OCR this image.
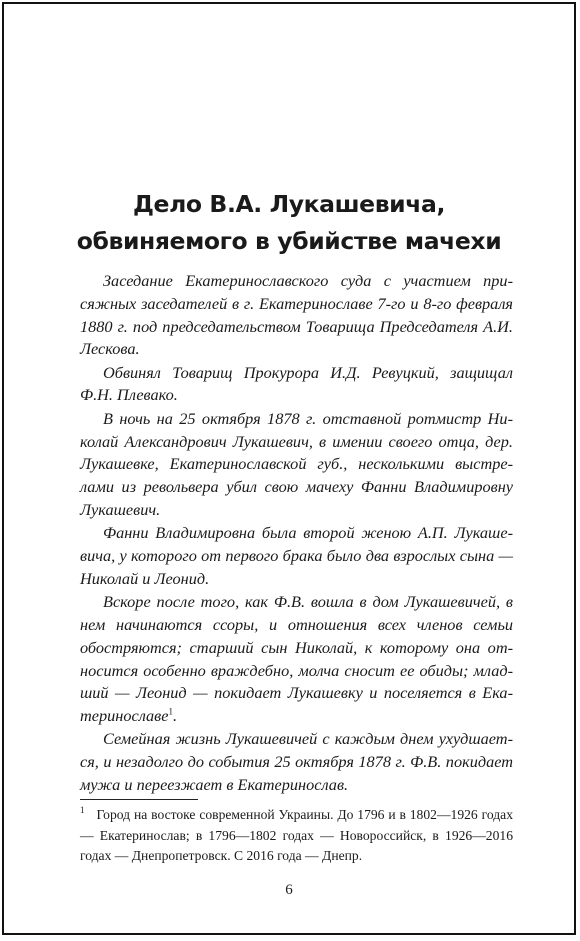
Дело В.А. Лукашевича,
обвиняемого в убийстве мачехи

Заседание Екатеринославского суда с участием присяжных заседателей в г. Екатеринославе 7-го и 8-го февраля 1880 г. под председательством Товарища Председателя А.И. Лескова.

Обвинял Товарищ Прокурора И.Д. Ревуцкий, защищал Ф.Н. Плевако.

В ночь на 25 октября 1878 г. отставной ротмистр Николай Александрович Лукашевич, в имении своего отца, дер. Лукашевке, Екатеринославской губ., несколькими выстрелами из револьвера убил свою мачеху Фанни Владимировну Лукашевич.

Фанни Владимировна была второй женою А.П. Лукашевича, у которого от первого брака было два взрослых сына — Николай и Леонид.

Вскоре после того, как Ф.В. вошла в дом Лукашевичей, в нем начинаются ссоры, и отношения всех членов семьи обостряются; старший сын Николай, к которому она относится особенно враждебно, молча сносит ее обиды; младший — Леонид — покидает Лукашевку и поселяется в Екатеринославе$^1$.

Семейная жизнь Лукашевичей с каждым днем ухудшается, и незадолго до события 25 октября 1878 г. Ф.В. покидает мужа и переезжает в Екатеринослав.

$^1$ Город на востоке современной Украины. До 1796 и в 1802—1926 годах — Екатеринослав; в 1796—1802 годах — Новороссийск, в 1926—2016 годах — Днепропетровск. С 2016 года — Днепр.

6
